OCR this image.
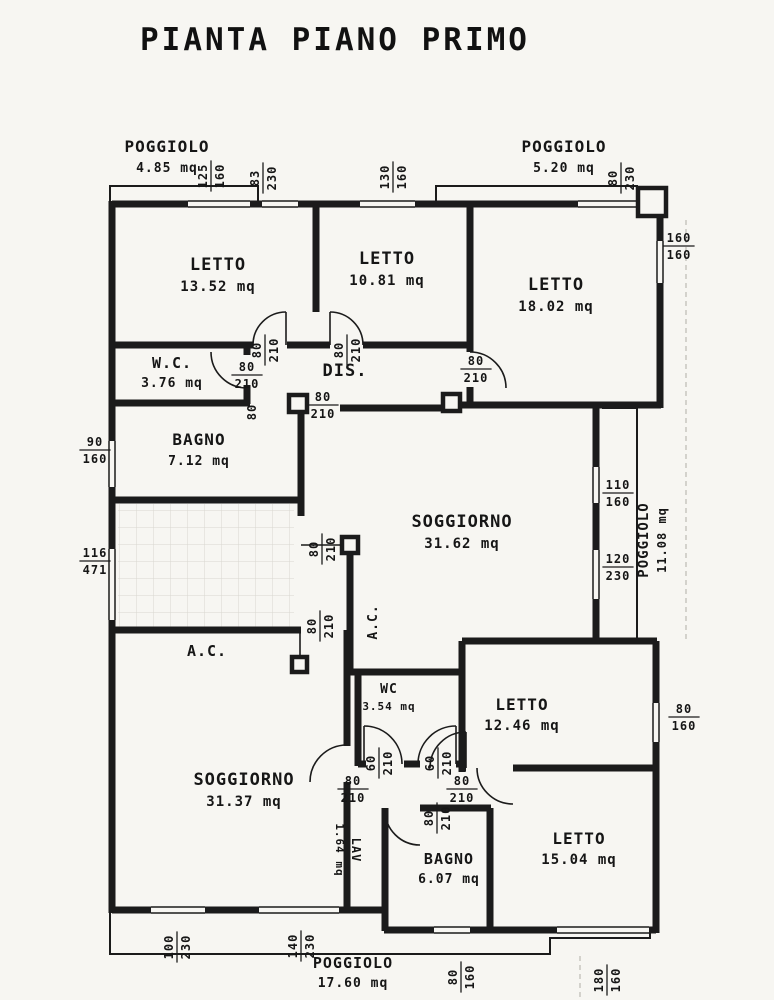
PIANTA PIANO PRIMO
POGGIOLO
4.85 mq
POGGIOLO
5.20 mq
LETTO
13.52 mq
LETTO
10.81 mq	LETTO
18.02 mq
W.C.
3.76 mq
DIS.
BAGNO
7.12 mq
SOGGIORNO
31.62 mq	POGGIOLO 11.08 mq
A.C.
A.C.
WC
3.54 mq	LETTO
12.46 mq
SOGGIORNO
31.37 mq
LAV
1.64 mq	BAGNO
6.07 mq
LETTO
15.04 mq
POGGIOLO
17.60 mq
125 160 83 230	130 160	80 230
160
160
110
160
120
230
80
160
90
160
116
471
80 210	80 210
80
210
80
210
80
80
210
80 210
80 210
60 210 60 210
80
210
80
210
80 210
100 230	140 230
80 160	180 160
